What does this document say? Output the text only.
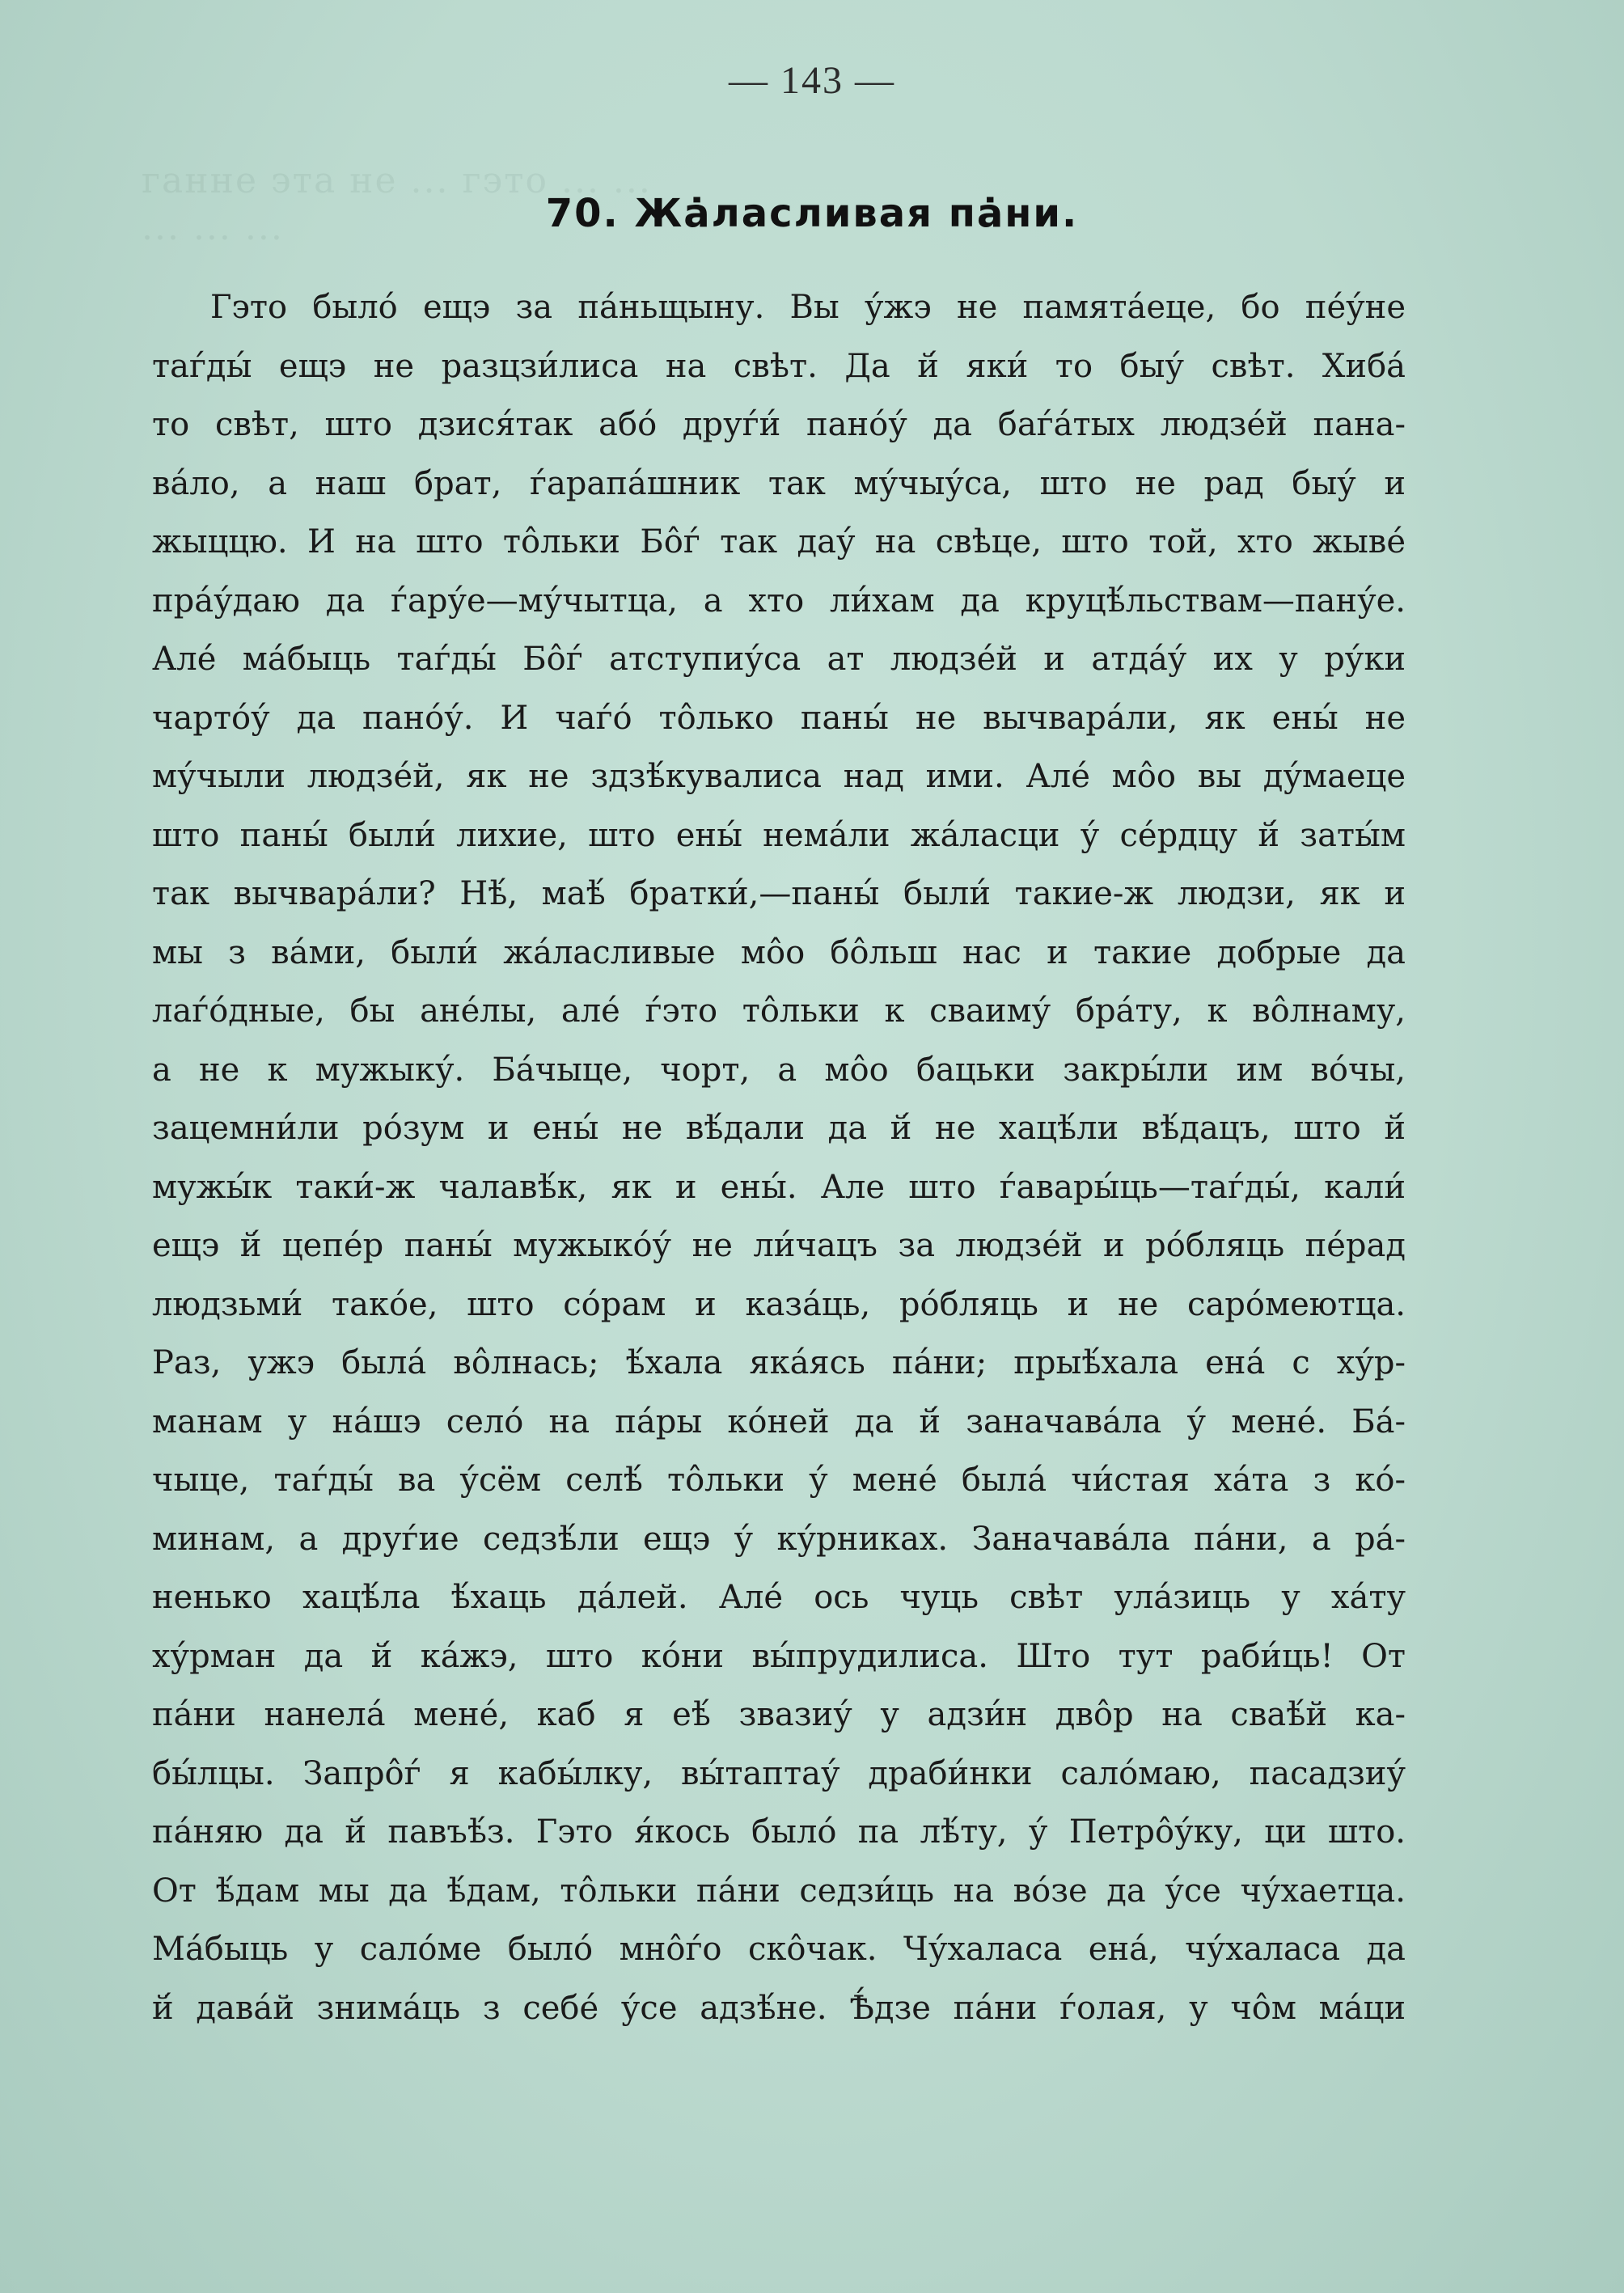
ганне эта не ... гэто ... ...
... ... ...
— 143 —
70. Жȧласливая пȧни.
Гэто было́ ещэ за па́ньщыну. Вы у́жэ не памята́еце, бо пе́у́не
таѓды́ ещэ не разцзи́лиса на свѣт. Да й́ яки́ то быу́ свѣт. Хиба́
то свѣт, што дзися́так або́ друѓи́ пано́у́ да баѓа́тых людзе́й пана-
ва́ло, а наш брат, ѓарапа́шник так му́чыу́са, што не рад быу́ и
жыццю. И на што то̂льки Бо̂ѓ так дау́ на свѣце, што той, хто жыве́
пра́у́даю да ѓару́е—му́чытца, а хто ли́хам да круцѣ́льствам—пану́е.
Але́ ма́быць таѓды́ Бо̂ѓ атступиу́са ат людзе́й и атда́у́ их у ру́ки
чарто́у́ да пано́у́. И чаѓо́ то̂лько паны́ не вычвара́ли, як ены́ не
му́чыли людзе́й, як не здзѣ́кувалиса над ими. Але́ мо̂о вы ду́маеце
што паны́ были́ лихие, што ены́ нема́ли жа́ласци у́ се́рдцу й́ заты́м
так вычвара́ли? Нѣ́, маѣ́ братки́,—паны́ были́ такие-ж людзи, як и
мы з ва́ми, были́ жа́ласливые мо̂о бо̂льш нас и такие добрые да
лаѓо́дные, бы ане́лы, але́ ѓэто то̂льки к сваиму́ бра́ту, к во̂лнаму,
а не к мужыку́. Ба́чыце, чорт, а мо̂о бацьки закры́ли им во́чы,
зацемни́ли ро́зум и ены́ не вѣ́дали да й́ не хацѣ́ли вѣ́дацъ, што й́
мужы́к таки́-ж чалавѣ́к, як и ены́. Але што ѓавары́ць—таѓды́, кали́
ещэ й́ цепе́р паны́ мужыко́у́ не ли́чацъ за людзе́й и ро́бляць пе́рад
людзьми́ тако́е, што со́рам и каза́ць, ро́бляць и не саро́меютца.
Раз, ужэ была́ во̂лнась; ѣ́хала яка́ясь па́ни; прыѣ́хала ена́ с ху́р-
манам у на́шэ село́ на па́ры ко́ней да й́ заначава́ла у́ мене́. Ба́-
чыце, таѓды́ ва у́сём селѣ́ то̂льки у́ мене́ была́ чи́стая ха́та з ко́-
минам, а друѓие седзѣ́ли ещэ у́ ку́рниках. Заначава́ла па́ни, а ра́-
ненько хацѣ́ла ѣ́хаць да́лей. Але́ ось чуць свѣт ула́зиць у ха́ту
ху́рман да й́ ка́жэ, што ко́ни вы́прудилиса. Што тут раби́ць! От
па́ни нанела́ мене́, каб я еѣ́ звазиу́ у адзи́н дво̂р на сваѣ́й ка-
бы́лцы. Запро̂ѓ я кабы́лку, вы́таптау́ драби́нки сало́маю, пасадзиу́
па́няю да й́ павъѣ́з. Гэто я́кось было́ па лѣ́ту, у́ Петро̂у́ку, ци што.
От ѣ́дам мы да ѣ́дам, то̂льки па́ни седзи́ць на во́зе да у́се чу́хаетца.
Ма́быць у сало́ме было́ мно̂ѓо ско̂чак. Чу́халаса ена́, чу́халаса да
й́ дава́й знима́ць з себе́ у́се адзѣ́не. Ѣ́дзе па́ни ѓолая, у чо̂м ма́ци
